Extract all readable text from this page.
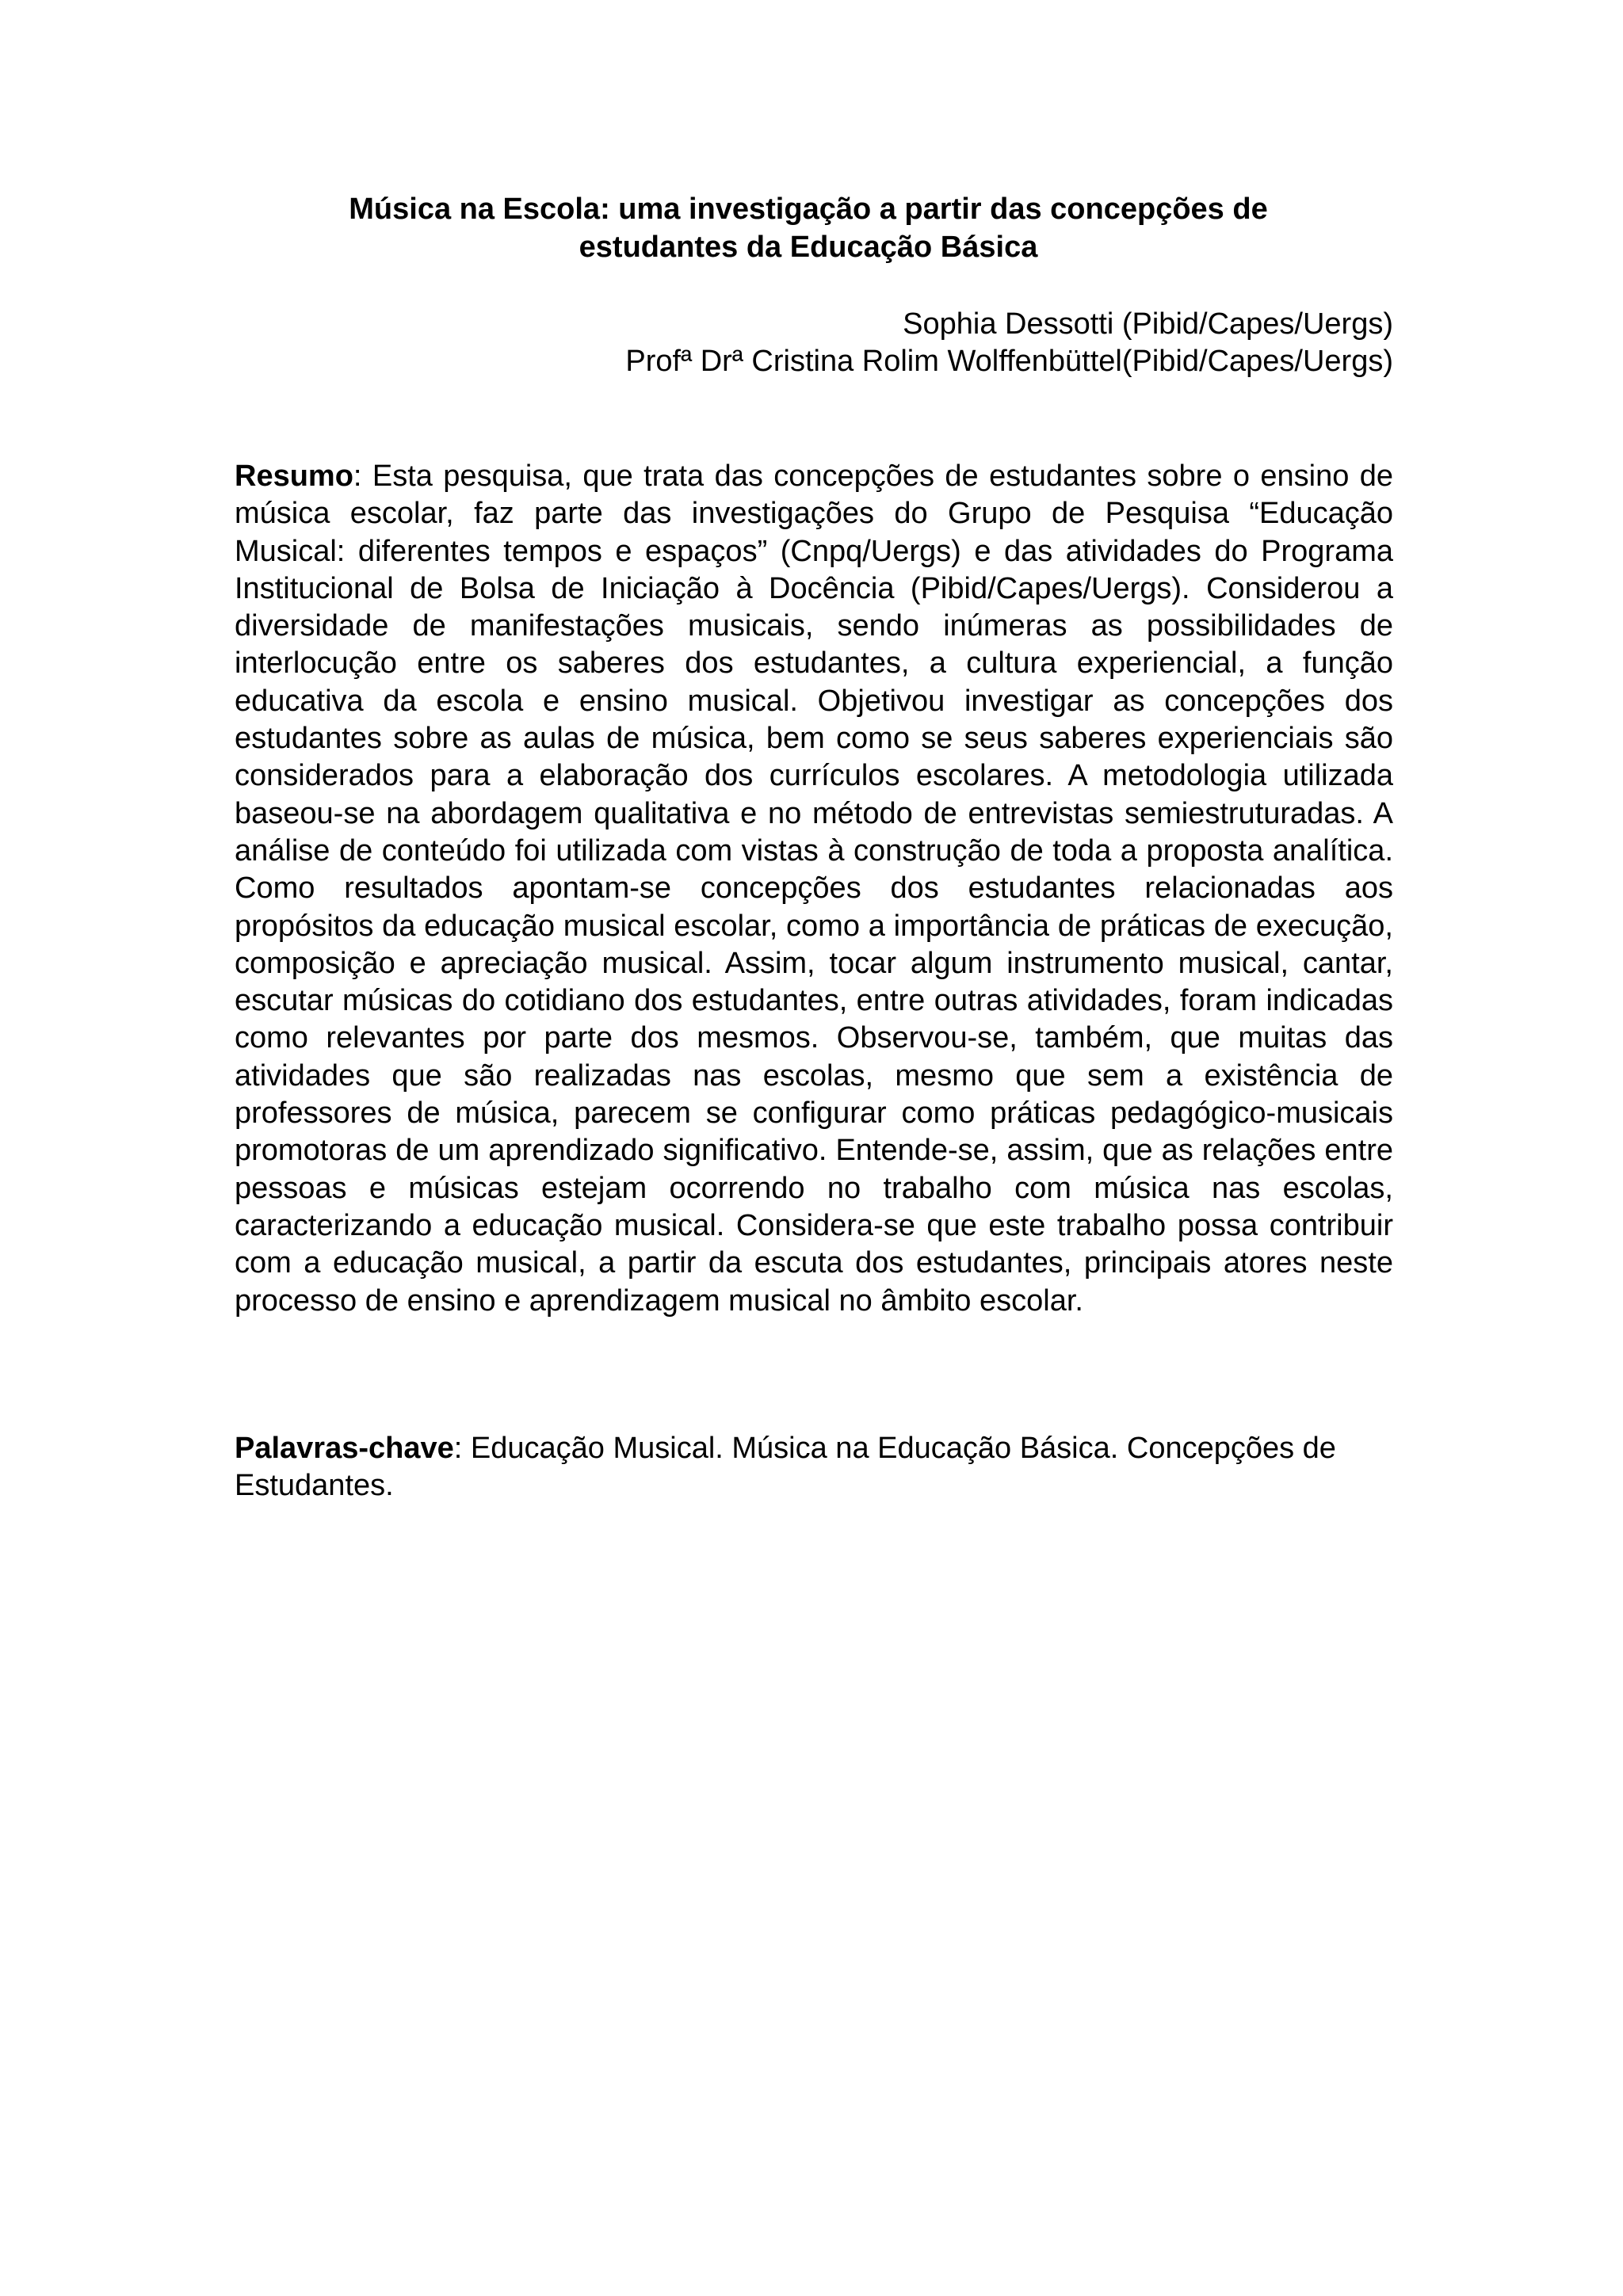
Música na Escola: uma investigação a partir das concepções de estudantes da Educação Básica
Sophia Dessotti (Pibid/Capes/Uergs)
Profª Drª Cristina Rolim Wolffenbüttel(Pibid/Capes/Uergs)

Resumo: Esta pesquisa, que trata das concepções de estudantes sobre o ensino de música escolar, faz parte das investigações do Grupo de Pesquisa “Educação Musical: diferentes tempos e espaços” (Cnpq/Uergs) e das atividades do Programa Institucional de Bolsa de Iniciação à Docência (Pibid/Capes/Uergs). Considerou a diversidade de manifestações musicais, sendo inúmeras as possibilidades de interlocução entre os saberes dos estudantes, a cultura experiencial, a função educativa da escola e ensino musical. Objetivou investigar as concepções dos estudantes sobre as aulas de música, bem como se seus saberes experienciais são considerados para a elaboração dos currículos escolares. A metodologia utilizada baseou-se na abordagem qualitativa e no método de entrevistas semiestruturadas. A análise de conteúdo foi utilizada com vistas à construção de toda a proposta analítica. Como resultados apontam-se concepções dos estudantes relacionadas aos propósitos da educação musical escolar, como a importância de práticas de execução, composição e apreciação musical. Assim, tocar algum instrumento musical, cantar, escutar músicas do cotidiano dos estudantes, entre outras atividades, foram indicadas como relevantes por parte dos mesmos. Observou-se, também, que muitas das atividades que são realizadas nas escolas, mesmo que sem a existência de professores de música, parecem se configurar como práticas pedagógico-musicais promotoras de um aprendizado significativo. Entende-se, assim, que as relações entre pessoas e músicas estejam ocorrendo no trabalho com música nas escolas, caracterizando a educação musical. Considera-se que este trabalho possa contribuir com a educação musical, a partir da escuta dos estudantes, principais atores neste processo de ensino e aprendizagem musical no âmbito escolar.

Palavras-chave: Educação Musical. Música na Educação Básica. Concepções de Estudantes.
